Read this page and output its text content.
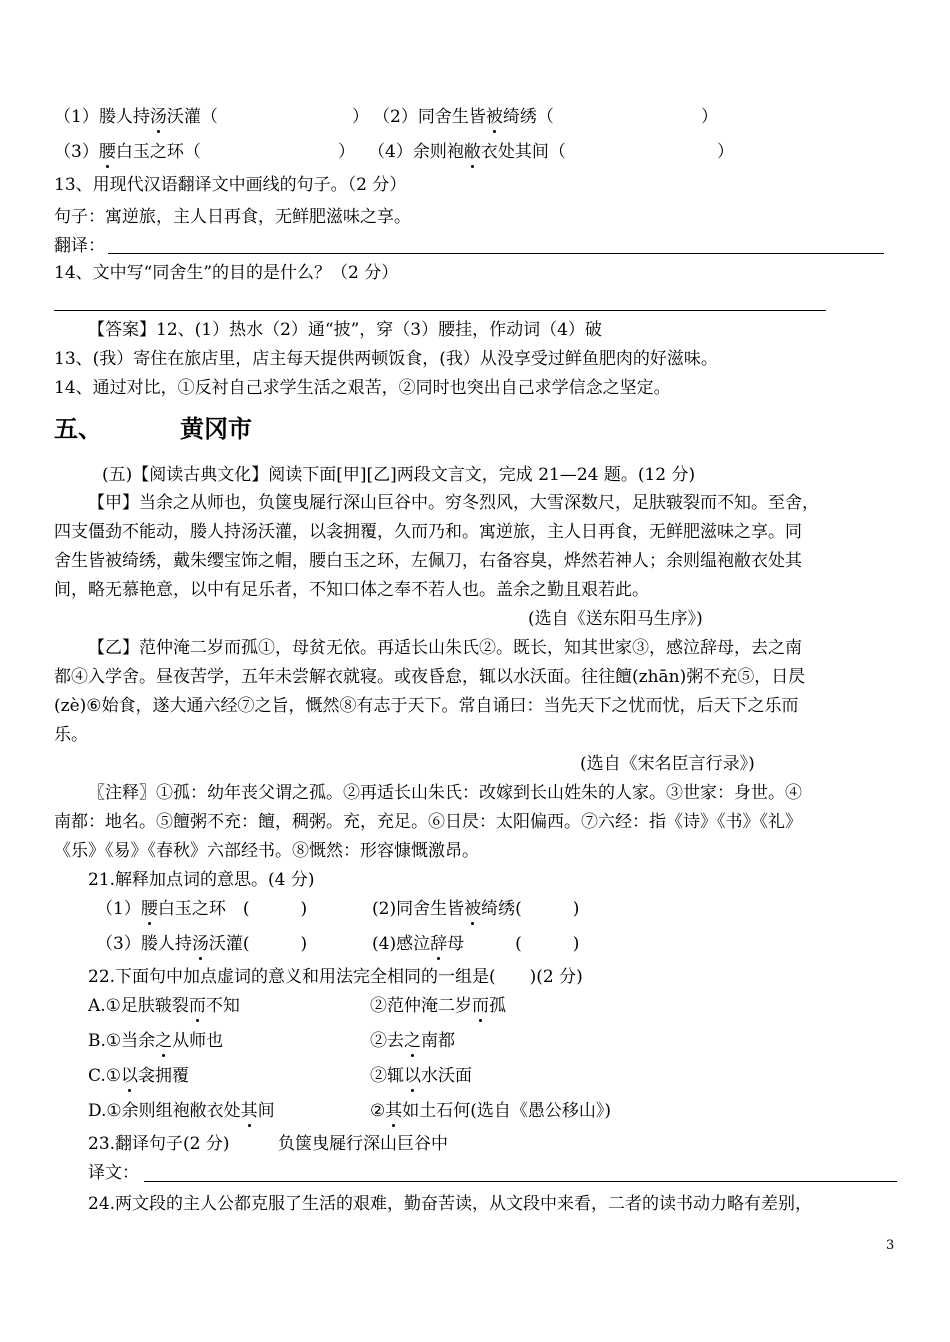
（1）媵人持汤沃灌（	） （2）同舍生皆被绮绣（	）
（3）腰白玉之环（	） （4）余则袍敝衣处其间（	）
13、用现代汉语翻译文中画线的句子。（2 分）
句子：寓逆旅，主人日再食，无鲜肥滋味之享。
翻译：
14、文中写“同舍生”的目的是什么？（2 分）
【答案】12、(1）热水（2）通“披”，穿（3）腰挂，作动词（4）破
13、(我）寄住在旅店里，店主每天提供两顿饭食，(我）从没享受过鲜鱼肥肉的好滋味。
14、通过对比，①反衬自己求学生活之艰苦，②同时也突出自己求学信念之坚定。
五、	黄冈市
(五)【阅读古典文化】阅读下面[甲][乙]两段文言文，完成 21—24 题。(12 分)
【甲】当余之从师也，负箧曳屣行深山巨谷中。穷冬烈风，大雪深数尺，足肤皲裂而不知。至舍，
四支僵劲不能动，媵人持汤沃灌，以衾拥覆，久而乃和。寓逆旅，主人日再食，无鲜肥滋味之享。同
舍生皆被绮绣，戴朱缨宝饰之帽，腰白玉之环，左佩刀，右备容臭，烨然若神人；余则缊袍敝衣处其
间，略无慕艳意，以中有足乐者，不知口体之奉不若人也。盖余之勤且艰若此。
(选自《送东阳马生序》)
【乙】范仲淹二岁而孤①，母贫无依。再适长山朱氏②。既长，知其世家③，感泣辞母，去之南
都④入学舍。昼夜苦学，五年未尝解衣就寝。或夜昏怠，辄以水沃面。往往饘(zhān)粥不充⑤，日昃
(zè)⑥始食，遂大通六经⑦之旨，慨然⑧有志于天下。常自诵曰：当先天下之忧而忧，后天下之乐而
乐。
(选自《宋名臣言行录》)
〖注释〗①孤：幼年丧父谓之孤。②再适长山朱氏：改嫁到长山姓朱的人家。③世家：身世。④
南都：地名。⑤饘粥不充：饘，稠粥。充，充足。⑥日昃：太阳偏西。⑦六经：指《诗》《书》《礼》
《乐》《易》《春秋》六部经书。⑧慨然：形容慷慨激昂。
21.解释加点词的意思。(4 分)
（1）腰白玉之环　(　　　)	(2)同舍生皆被绮绣(　　　)
（3）媵人持汤沃灌(　　　)	(4)感泣辞母　　　(　　　)
22.下面句中加点虚词的意义和用法完全相同的一组是(　　)(2 分)
A.①足肤皲裂而不知	②范仲淹二岁而孤
B.①当余之从师也	②去之南都
C.①以衾拥覆	②辄以水沃面
D.①余则组袍敝衣处其间	②其如土石何(选自《愚公移山》)
23.翻译句子(2 分)	负箧曳屣行深山巨谷中
译文：
24.两文段的主人公都克服了生活的艰难，勤奋苦读，从文段中来看，二者的读书动力略有差别，
3
